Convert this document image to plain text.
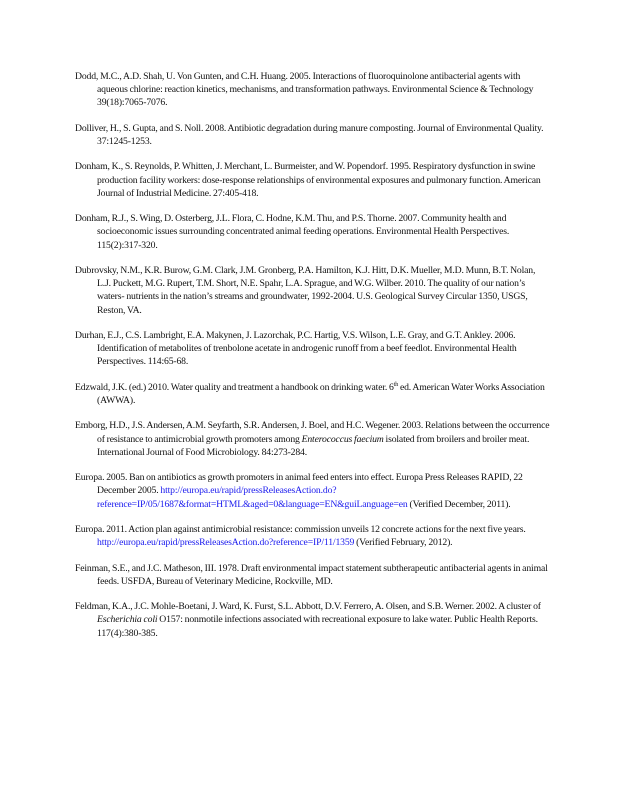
Dodd, M.C., A.D. Shah, U. Von Gunten, and C.H. Huang. 2005. Interactions of fluoroquinolone antibacterial agents with aqueous chlorine: reaction kinetics, mechanisms, and transformation pathways. Environmental Science & Technology 39(18):7065-7076.

Dolliver, H., S. Gupta, and S. Noll. 2008. Antibiotic degradation during manure composting. Journal of Environmental Quality. 37:1245-1253.

Donham, K., S. Reynolds, P. Whitten, J. Merchant, L. Burmeister, and W. Popendorf. 1995. Respiratory dysfunction in swine production facility workers: dose-response relationships of environmental exposures and pulmonary function. American Journal of Industrial Medicine. 27:405-418.

Donham, R.J., S. Wing, D. Osterberg, J.L. Flora, C. Hodne, K.M. Thu, and P.S. Thorne. 2007. Community health and socioeconomic issues surrounding concentrated animal feeding operations. Environmental Health Perspectives. 115(2):317-320.

Dubrovsky, N.M., K.R. Burow, G.M. Clark, J.M. Gronberg, P.A. Hamilton, K.J. Hitt, D.K. Mueller, M.D. Munn, B.T. Nolan, L.J. Puckett, M.G. Rupert, T.M. Short, N.E. Spahr, L.A. Sprague, and W.G. Wilber. 2010. The quality of our nation’s waters- nutrients in the nation’s streams and groundwater, 1992-2004. U.S. Geological Survey Circular 1350, USGS, Reston, VA.

Durhan, E.J., C.S. Lambright, E.A. Makynen, J. Lazorchak, P.C. Hartig, V.S. Wilson, L.E. Gray, and G.T. Ankley. 2006. Identification of metabolites of trenbolone acetate in androgenic runoff from a beef feedlot. Environmental Health Perspectives. 114:65-68.

Edzwald, J.K. (ed.) 2010. Water quality and treatment a handbook on drinking water. 6th ed. American Water Works Association (AWWA).

Emborg, H.D., J.S. Andersen, A.M. Seyfarth, S.R. Andersen, J. Boel, and H.C. Wegener. 2003. Relations between the occurrence of resistance to antimicrobial growth promoters among Enterococcus faecium isolated from broilers and broiler meat. International Journal of Food Microbiology. 84:273-284.

Europa. 2005. Ban on antibiotics as growth promoters in animal feed enters into effect. Europa Press Releases RAPID, 22 December 2005. http://europa.eu/rapid/pressReleasesAction.do?reference=IP/05/1687&format=HTML&aged=0&language=EN&guiLanguage=en (Verified December, 2011).

Europa. 2011. Action plan against antimicrobial resistance: commission unveils 12 concrete actions for the next five years. http://europa.eu/rapid/pressReleasesAction.do?reference=IP/11/1359 (Verified February, 2012).

Feinman, S.E., and J.C. Matheson, III. 1978. Draft environmental impact statement subtherapeutic antibacterial agents in animal feeds. USFDA, Bureau of Veterinary Medicine, Rockville, MD.

Feldman, K.A., J.C. Mohle-Boetani, J. Ward, K. Furst, S.L. Abbott, D.V. Ferrero, A. Olsen, and S.B. Werner. 2002. A cluster of Escherichia coli O157: nonmotile infections associated with recreational exposure to lake water. Public Health Reports. 117(4):380-385.
